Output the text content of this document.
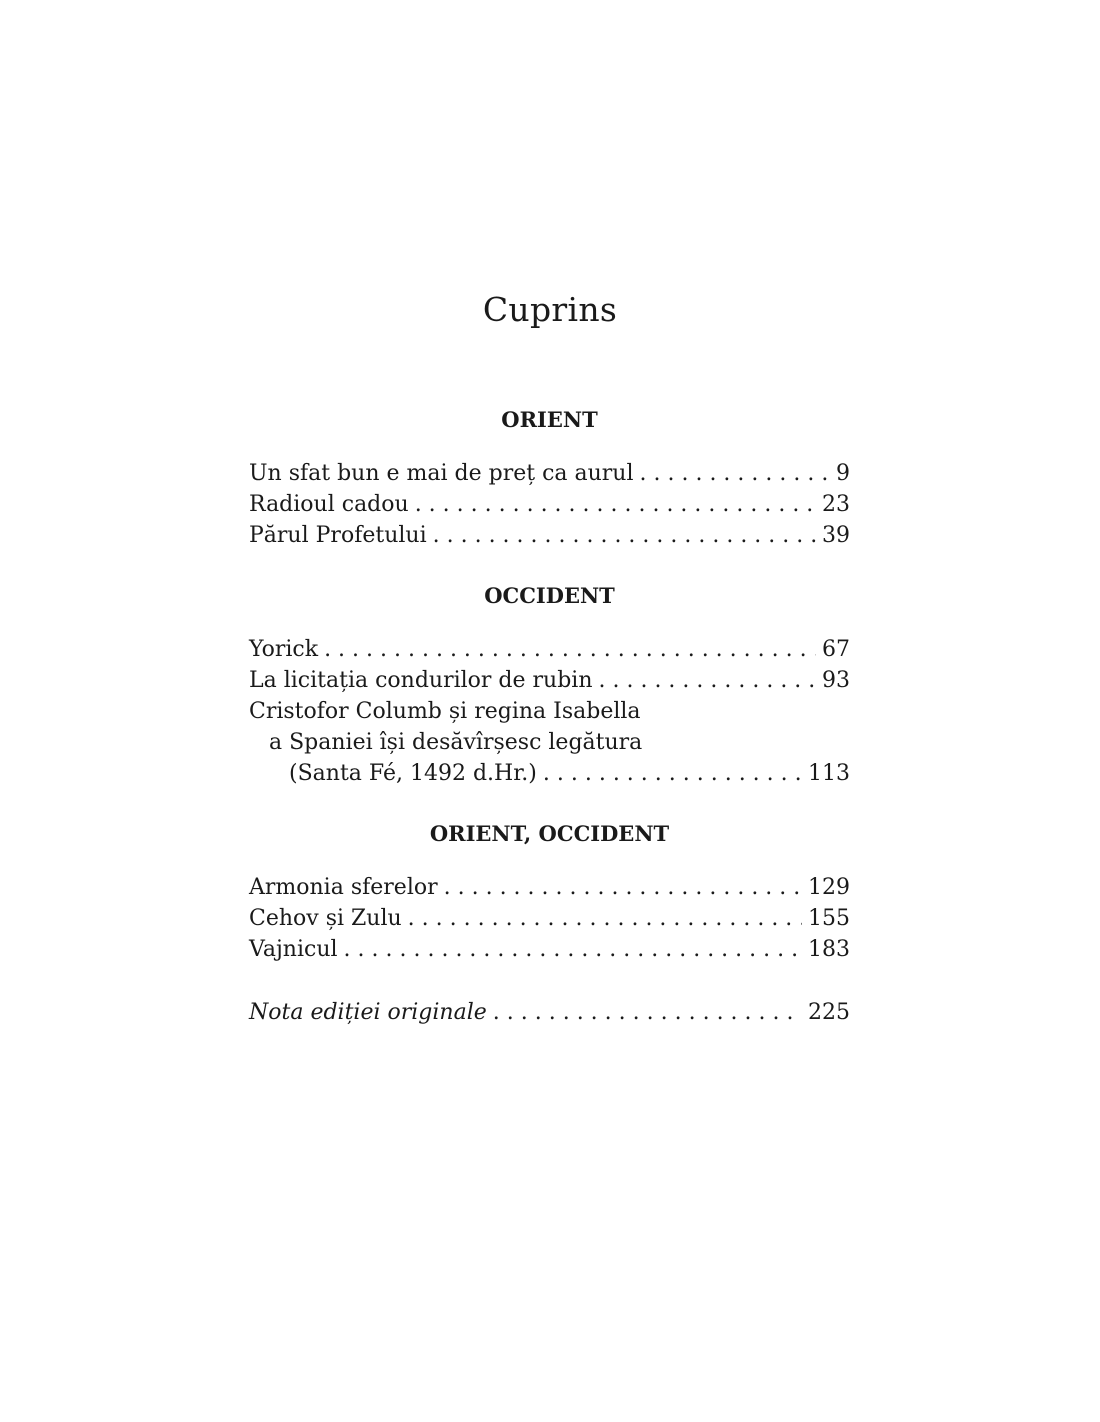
Cuprins
ORIENT
Un sfat bun e mai de preț ca aurul . . .	9
Radioul cadou . . .	23
Părul Profetului . . .	39
OCCIDENT
Yorick . . .	67
La licitația condurilor de rubin . . .	93
Cristofor Columb și regina Isabella
a Spaniei își desăvîrșesc legătura
(Santa Fé, 1492 d.Hr.) . . .	113
ORIENT, OCCIDENT
Armonia sferelor . . .	129
Cehov și Zulu . . .	155
Vajnicul . . .	183
Nota ediției originale . . .	225
